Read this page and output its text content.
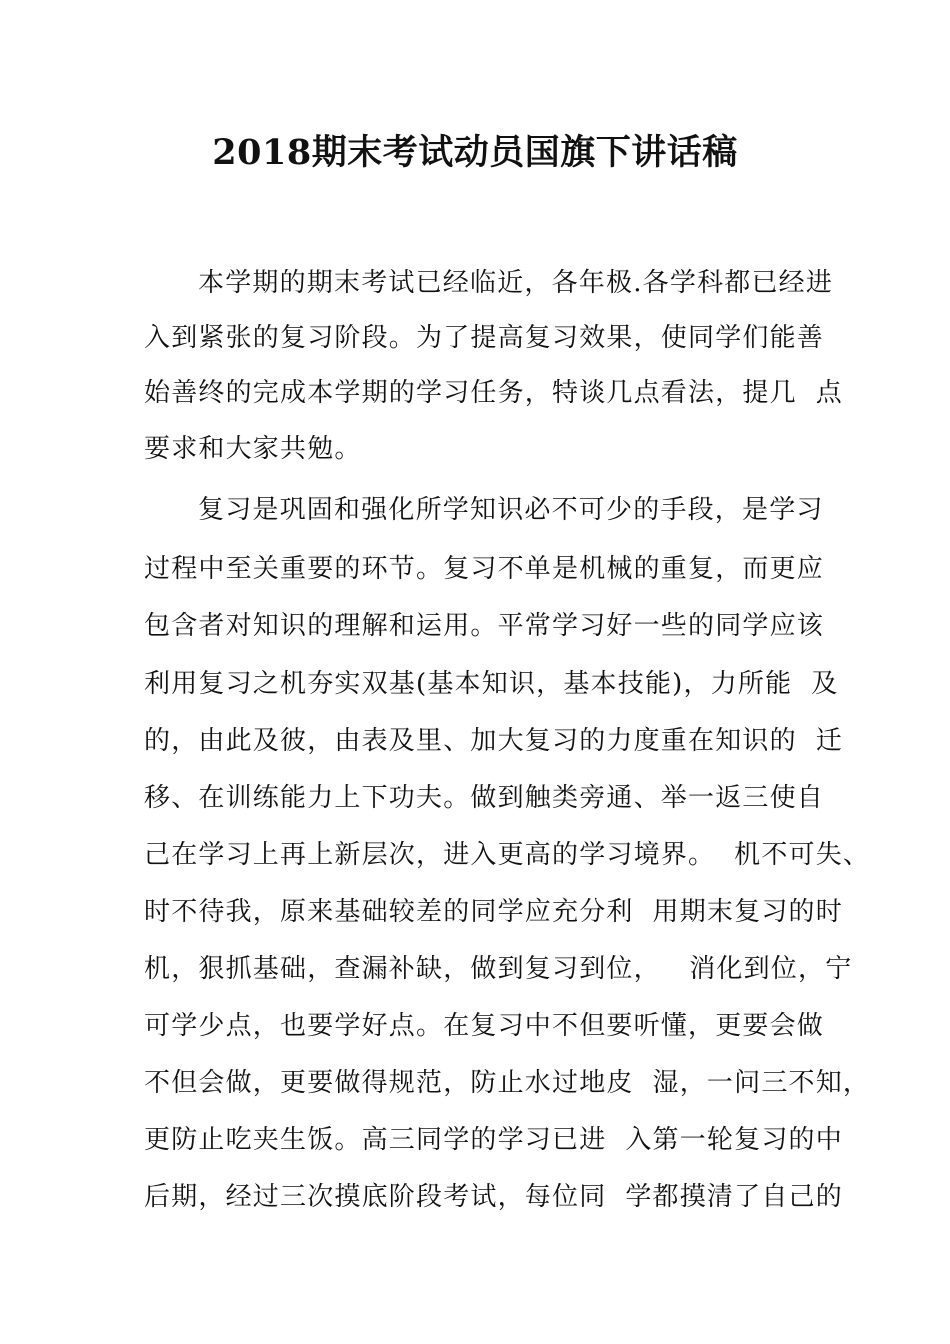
2018期末考试动员国旗下讲话稿
本学期的期末考试已经临近，各年极.各学科都已经进
入到紧张的复习阶段。为了提高复习效果，使同学们能善
始善终的完成本学期的学习任务，特谈几点看法，提几  点
要求和大家共勉。
复习是巩固和强化所学知识必不可少的手段，是学习
过程中至关重要的环节。复习不单是机械的重复，而更应
包含者对知识的理解和运用。平常学习好一些的同学应该
利用复习之机夯实双基(基本知识，基本技能)，力所能  及
的，由此及彼，由表及里、加大复习的力度重在知识的  迁
移、在训练能力上下功夫。做到触类旁通、举一返三使自
己在学习上再上新层次，进入更高的学习境界。  机不可失、
时不待我，原来基础较差的同学应充分利  用期末复习的时
机，狠抓基础，查漏补缺，做到复习到位，   消化到位，宁
可学少点，也要学好点。在复习中不但要听懂，更要会做
不但会做，更要做得规范，防止水过地皮  湿，一问三不知，
更防止吃夹生饭。高三同学的学习已进  入第一轮复习的中
后期，经过三次摸底阶段考试，每位同  学都摸清了自己的
